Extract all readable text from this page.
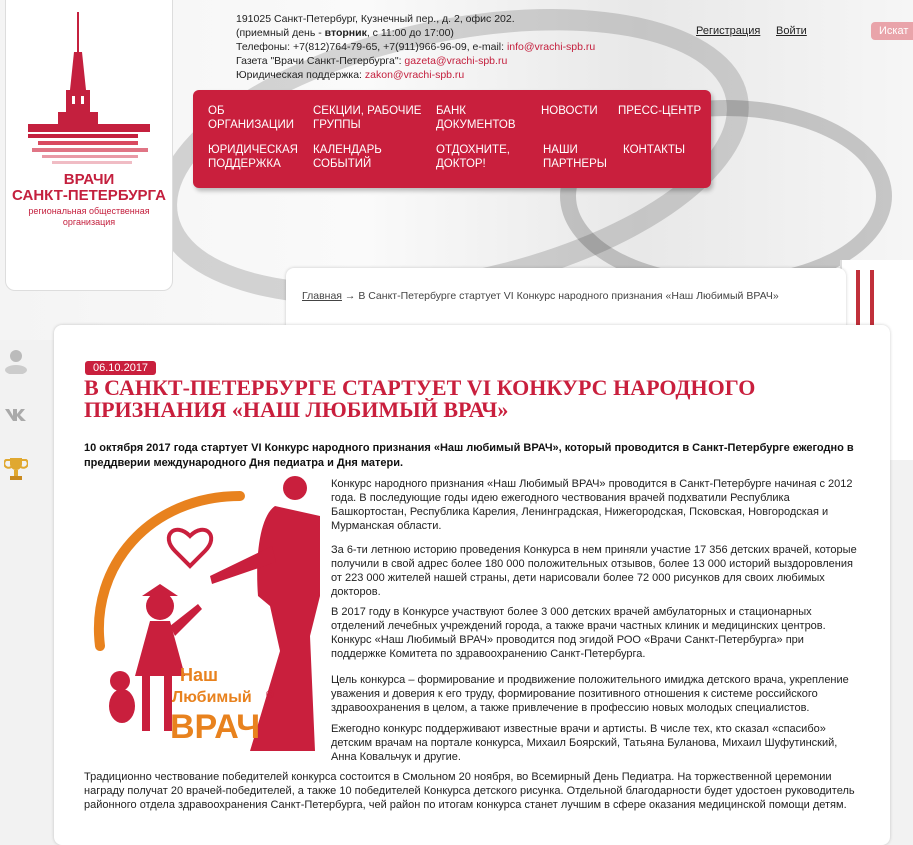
ВРАЧИ
САНКТ-ПЕТЕРБУРГА
региональная общественная
организация
191025 Санкт-Петербург, Кузнечный пер., д. 2, офис 202.
(приемный день - вторник, с 11:00 до 17:00)
Телефоны: +7(812)764-79-65, +7(911)966-96-09, e-mail: info@vrachi-spb.ru
Газета "Врачи Санкт-Петербурга": gazeta@vrachi-spb.ru
Юридическая поддержка: zakon@vrachi-spb.ru
Регистрация Войти	Искат
ОБ
ОРГАНИЗАЦИИ
СЕКЦИИ, РАБОЧИЕ
ГРУППЫ
БАНК
ДОКУМЕНТОВ
НОВОСТИ ПРЕСС-ЦЕНТР
ЮРИДИЧЕСКАЯ
ПОДДЕРЖКА
КАЛЕНДАРЬ
СОБЫТИЙ
ОТДОХНИТЕ,
ДОКТОР!
НАШИ
ПАРТНЕРЫ
КОНТАКТЫ
Главная → В Санкт-Петербурге стартует VI Конкурс народного признания «Наш Любимый ВРАЧ»
06.10.2017
В САНКТ-ПЕТЕРБУРГЕ СТАРТУЕТ VI КОНКУРС НАРОДНОГО ПРИЗНАНИЯ «НАШ ЛЮБИМЫЙ ВРАЧ»
10 октября 2017 года стартует VI Конкурс народного признания «Наш любимый ВРАЧ», который проводится в Санкт-Петербурге ежегодно в преддверии международного Дня педиатра и Дня матери.
Наш
Любимый ®
ВРАЧ
Конкурс народного признания «Наш Любимый ВРАЧ» проводится в Санкт-Петербурге начиная с 2012 года. В последующие годы идею ежегодного чествования врачей подхватили Республика Башкортостан, Республика Карелия, Ленинградская, Нижегородская, Псковская, Новгородская и Мурманская области.
За 6-ти летнюю историю проведения Конкурса в нем приняли участие 17 356 детских врачей, которые получили в свой адрес более 180 000 положительных отзывов, более 13 000 историй выздоровления от 223 000 жителей нашей страны, дети нарисовали более 72 000 рисунков для своих любимых докторов.
В 2017 году в Конкурсе участвуют более 3 000 детских врачей амбулаторных и стационарных отделений лечебных учреждений города, а также врачи частных клиник и медицинских центров. Конкурс «Наш Любимый ВРАЧ» проводится под эгидой РОО «Врачи Санкт-Петербурга» при поддержке Комитета по здравоохранению Санкт-Петербурга.
Цель конкурса – формирование и продвижение положительного имиджа детского врача, укрепление уважения и доверия к его труду, формирование позитивного отношения к системе российского здравоохранения в целом, а также привлечение в профессию новых молодых специалистов.
Ежегодно конкурс поддерживают известные врачи и артисты. В числе тех, кто сказал «спасибо» детским врачам на портале конкурса, Михаил Боярский, Татьяна Буланова, Михаил Шуфутинский, Анна Ковальчук и другие.
Традиционно чествование победителей конкурса состоится в Смольном 20 ноября, во Всемирный День Педиатра. На торжественной церемонии награду получат 20 врачей-победителей, а также 10 победителей Конкурса детского рисунка. Отдельной благодарности будет удостоен руководитель районного отдела здравоохранения Санкт-Петербурга, чей район по итогам конкурса станет лучшим в сфере оказания медицинской помощи детям.
